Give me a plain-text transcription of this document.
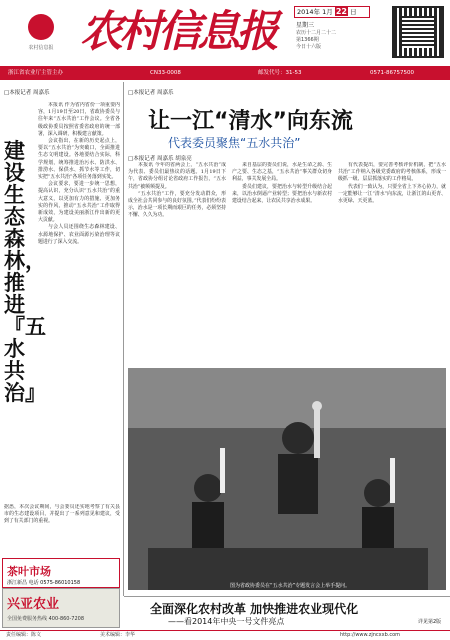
农村信息报 农村信息报	2014年 1月 22 日
星期三
农历十二月二十二
第1366期
今日十六版
浙江省农业厅主管主办	CN33-0008	邮发代号：31-53	0571-86757500
□本报记者 周嘉乐
建设生态森林，推进『五水共治』

本报讯 作为省内省份一项重要内容，1月19日至20日，省政协委员与往年来“五水共治”工作会议。全省各级政协委员按照省委省政府的统一部署，深入调研，积极建言献策。

会议指出，在新的历史起点上，要以“五水共治”为突破口，全面推进生态文明建设。各地要结合实际，科学规划，统筹推进治污水、防洪水、排涝水、保供水、抓节水等工作，切实把“五水共治”各项任务落到实处。

会议要求，要进一步统一思想，提高认识，充分认识“五水共治”的重大意义，以更加有力的措施、更加务实的作风，推动“五水共治”工作取得新成效，为建设美丽浙江作出新的更大贡献。

与会人员还围绕生态森林建设、水源地保护、农业面源污染治理等议题进行了深入交流。

据悉，本次会议期间，与会委员还实地考察了有关县市的生态建设项目，并提出了一系列意见和建议，受到了有关部门的重视。
茶叶市场
浙江新昌 电话 0575-86010158
兴亚农业
全国免费服务热线 400-860-7208
□本报记者 周嘉乐
让一江“清水”向东流
代表委员聚焦“五水共治”
□本报记者 周嘉乐 胡泉亮

本报讯 今年的省两会上，“五水共治”成为代表、委员们最热议的话题。1月19日下午，省政协分组讨论省政府工作报告，“五水共治”被频频提及。

“五水共治”工作，要充分发动群众，形成全社会共同参与的良好氛围。”代表们纷纷表示，治水是一项长期而艰巨的任务，必须坚持不懈、久久为功。

来自基层的委员们说，水是生命之源、生产之要、生态之基，“五水共治”事关群众切身利益，事关发展全局。

委员们建议，要把治水与转型升级结合起来，以治水倒逼产业转型；要把治水与新农村建设结合起来，让农民共享治水成果。

有代表提出，要完善考核评价机制，把“五水共治”工作纳入各级党委政府的考核体系，形成一级抓一级、层层抓落实的工作格局。

代表们一致认为，只要全省上下齐心协力，就一定能够让一江“清水”向东流，让浙江的山更青、水更绿、天更蓝。

图为省政协委员在“五水共治”专题发言会上举手提问。
全面深化农村改革 加快推进农业现代化
——看2014年中央一号文件亮点	详见第2版
责任编辑：陈文	美术编辑：李华	http://www.zjncxxb.com
